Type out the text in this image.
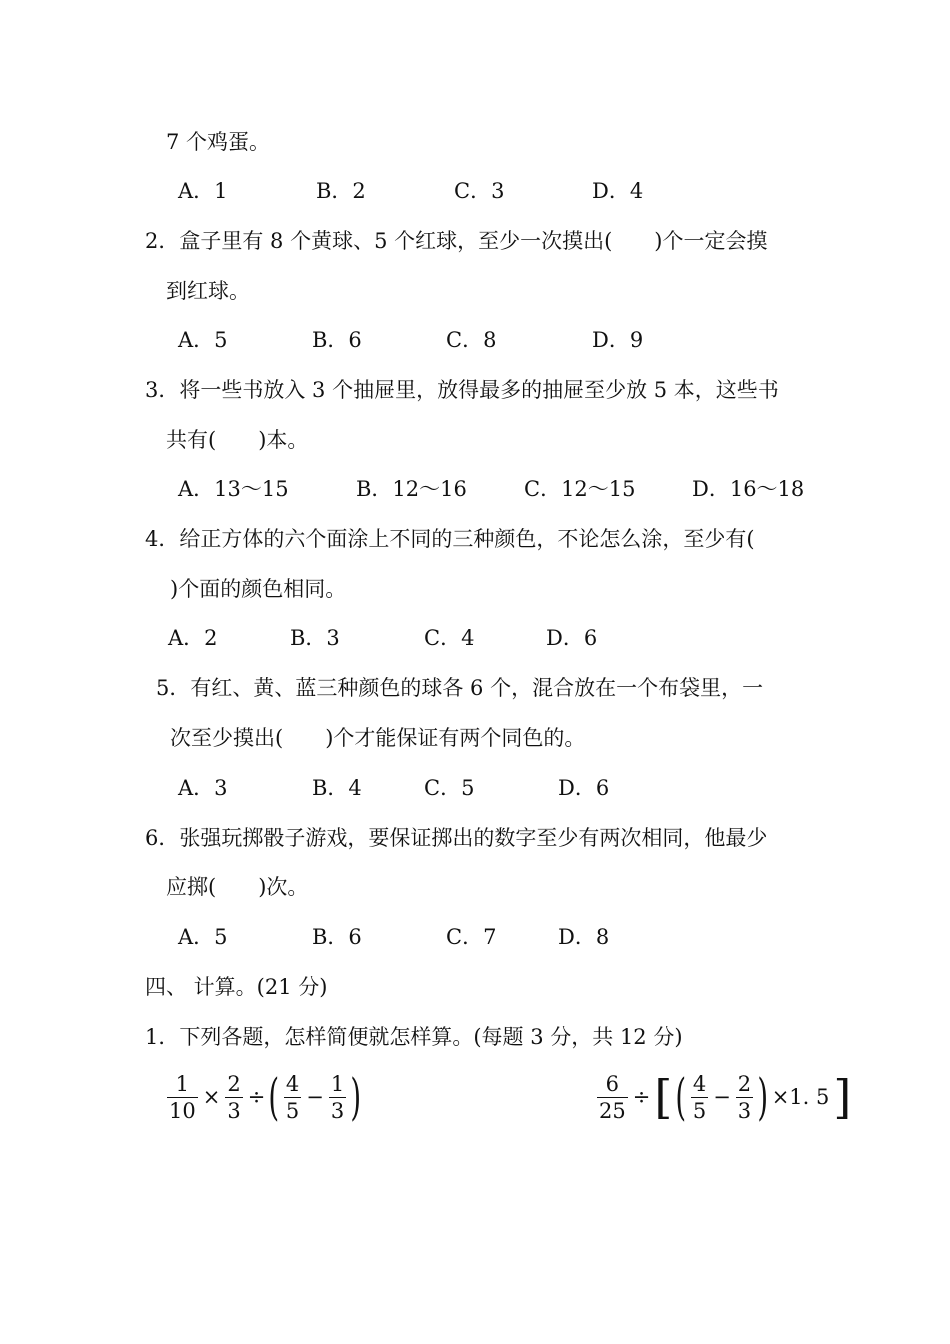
7 个鸡蛋。
A．1	B．2	C．3	D．4
2．盒子里有 8 个黄球、5 个红球，至少一次摸出(　　)个一定会摸
到红球。
A．5	B．6	C．8	D．9
3．将一些书放入 3 个抽屉里，放得最多的抽屉至少放 5 本，这些书
共有(　　)本。
A．13～15	B．12～16	C．12～15	D．16～18
4．给正方体的六个面涂上不同的三种颜色，不论怎么涂，至少有(
)个面的颜色相同。
A．2	B．3	C．4	D．6
5．有红、黄、蓝三种颜色的球各 6 个，混合放在一个布袋里，一
次至少摸出(　　)个才能保证有两个同色的。
A．3	B．4	C．5	D．6
6．张强玩掷骰子游戏，要保证掷出的数字至少有两次相同，他最少
应掷(　　)次。
A．5	B．6	C．7	D．8
四、 计算。(21 分)
1．下列各题，怎样简便就怎样算。(每题 3 分，共 12 分)
$\frac{1}{10} \times \frac{2}{3}$ ÷ ( $\frac{4}{5} - \frac{1}{3}$ )	$\frac{6}{25}$ ÷ [ ( $\frac{4}{5} - \frac{2}{3}$ ) ×1. 5 ]
